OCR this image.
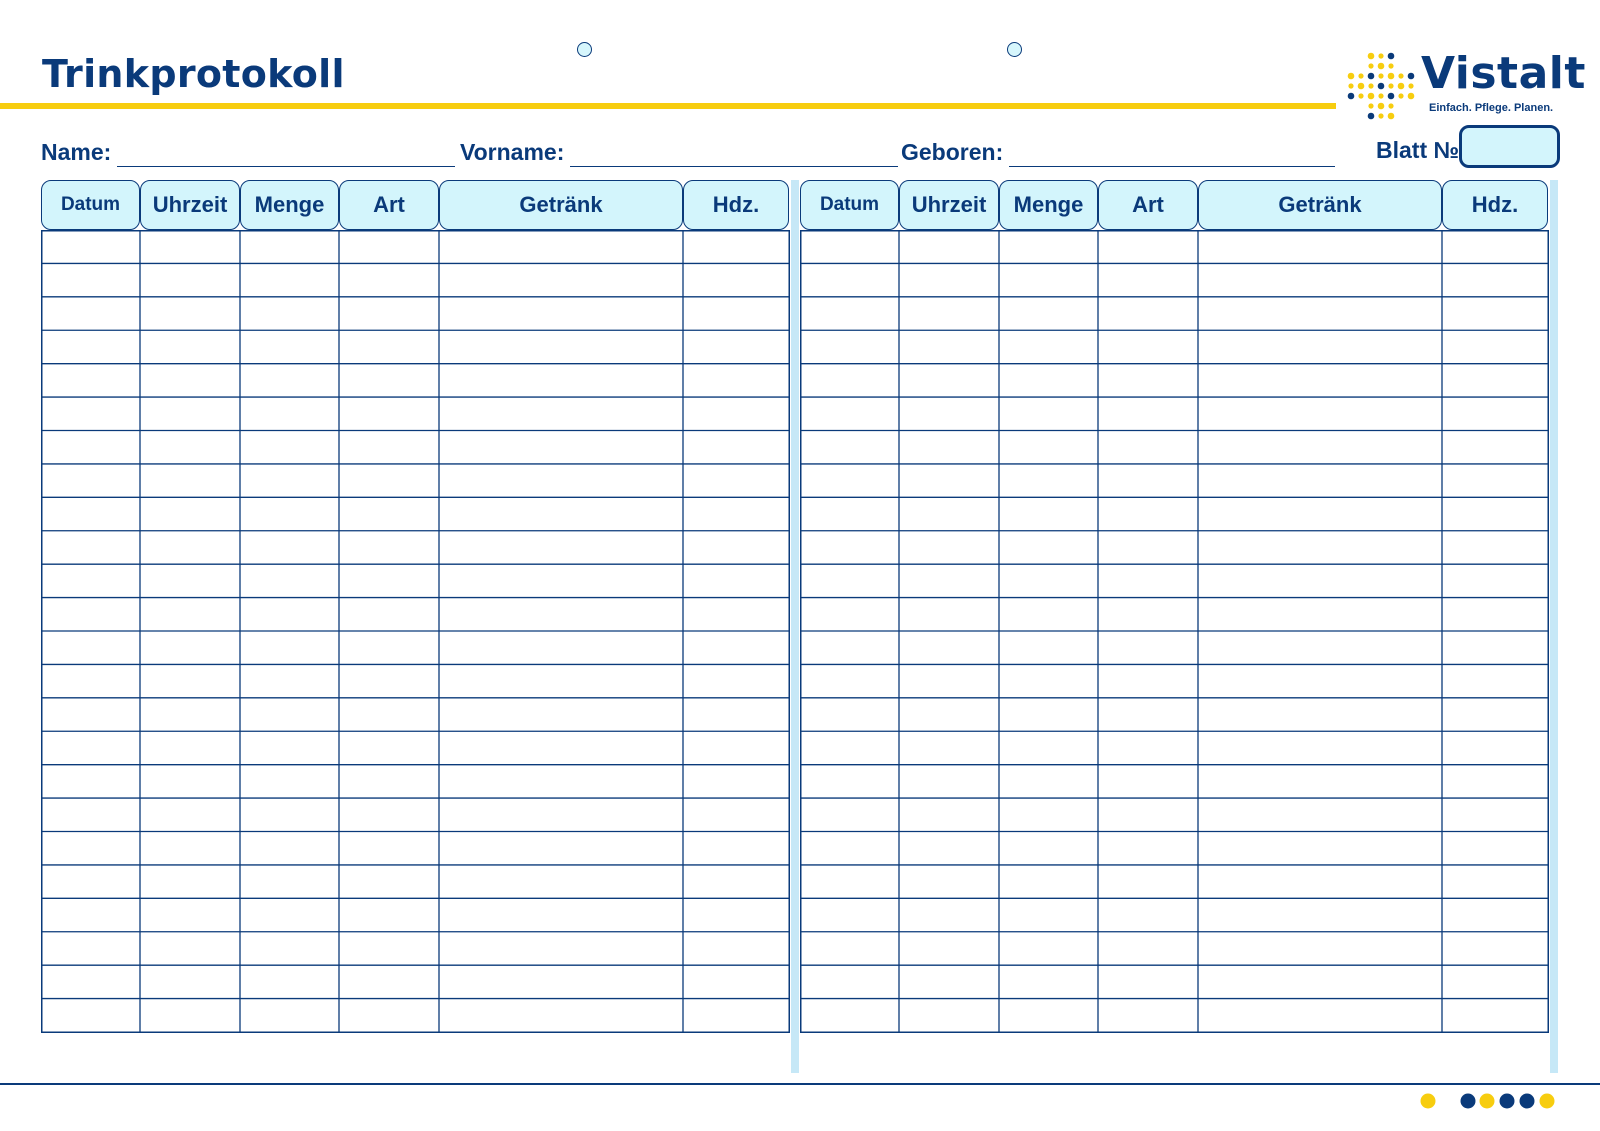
Trinkprotokoll	Vistalt
Einfach. Pflege. Planen.
Name:	Vorname:	Geboren:	Blatt №
Datum	Uhrzeit	Menge	Art	Getränk	Hdz.	Datum	Uhrzeit	Menge	Art	Getränk	Hdz.
